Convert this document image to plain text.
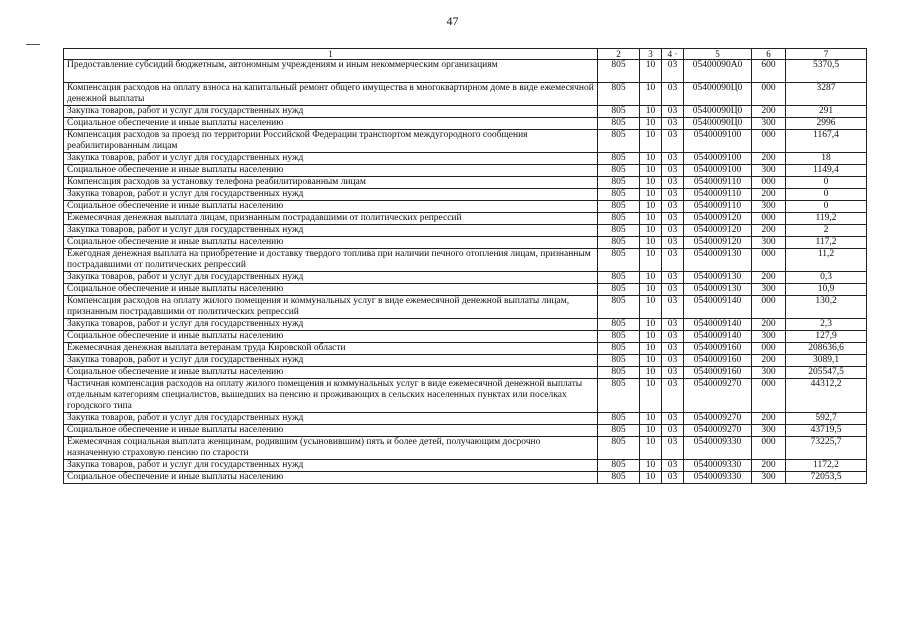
47
1	2	3	4 ·	5	6	7
Предоставление субсидий бюджетным, автономным учреждениям и иным некоммерческим организациям	805	10	03	05400090А0	600	5370,5
Компенсация расходов на оплату взноса на капитальный ремонт общего имущества в многоквартирном доме в виде ежемесячной денежной выплаты	805	10	03	05400090Ц0	000	3287
Закупка товаров, работ и услуг для государственных нужд	805	10	03	05400090Ц0	200	291
Социальное обеспечение и иные выплаты населению	805	10	03	05400090Ц0	300	2996
Компенсация расходов за проезд по территории Российской Федерации транспортом междугородного сообщения реабилитированным лицам	805	10	03	0540009100	000	1167,4
Закупка товаров, работ и услуг для государственных нужд	805	10	03	0540009100	200	18
Социальное обеспечение и иные выплаты населению	805	10	03	0540009100	300	1149,4
Компенсация расходов за установку телефона реабилитированным лицам	805	10	03	0540009110	000	0
Закупка товаров, работ и услуг для государственных нужд	805	10	03	0540009110	200	0
Социальное обеспечение и иные выплаты населению	805	10	03	0540009110	300	0
Ежемесячная денежная выплата лицам, признанным пострадавшими от политических репрессий	805	10	03	0540009120	000	119,2
Закупка товаров, работ и услуг для государственных нужд	805	10	03	0540009120	200	2
Социальное обеспечение и иные выплаты населению	805	10	03	0540009120	300	117,2
Ежегодная денежная выплата на приобретение и доставку твердого топлива при наличии печного отопления лицам, признанным пострадавшими от политических репрессий	805	10	03	0540009130	000	11,2
Закупка товаров, работ и услуг для государственных нужд	805	10	03	0540009130	200	0,3
Социальное обеспечение и иные выплаты населению	805	10	03	0540009130	300	10,9
Компенсация расходов на оплату жилого помещения и коммунальных услуг в виде ежемесячной денежной выплаты лицам, признанным пострадавшими от политических репрессий	805	10	03	0540009140	000	130,2
Закупка товаров, работ и услуг для государственных нужд	805	10	03	0540009140	200	2,3
Социальное обеспечение и иные выплаты населению	805	10	03	0540009140	300	127,9
Ежемесячная денежная выплата ветеранам труда Кировской области	805	10	03	0540009160	000	208636,6
Закупка товаров, работ и услуг для государственных нужд	805	10	03	0540009160	200	3089,1
Социальное обеспечение и иные выплаты населению	805	10	03	0540009160	300	205547,5
Частичная компенсация расходов на оплату жилого помещения и коммунальных услуг в виде ежемесячной денежной выплаты отдельным категориям специалистов, вышедших на пенсию и проживающих в сельских населенных пунктах или поселках городского типа	805	10	03	0540009270	000	44312,2
Закупка товаров, работ и услуг для государственных нужд	805	10	03	0540009270	200	592,7
Социальное обеспечение и иные выплаты населению	805	10	03	0540009270	300	43719,5
Ежемесячная социальная выплата женщинам, родившим (усыновившим) пять и более детей, получающим досрочно назначенную страховую пенсию по старости	805	10	03	0540009330	000	73225,7
Закупка товаров, работ и услуг для государственных нужд	805	10	03	0540009330	200	1172,2
Социальное обеспечение и иные выплаты населению	805	10	03	0540009330	300	72053,5
